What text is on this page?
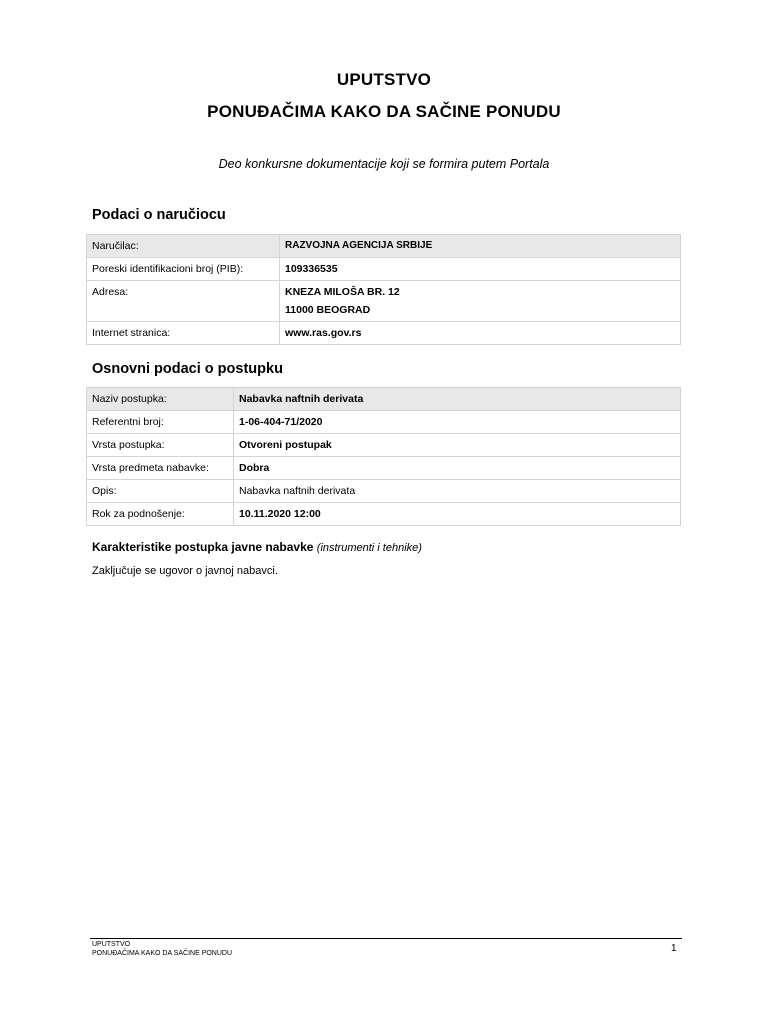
UPUTSTVO
PONUĐAČIMA KAKO DA SAČINE PONUDU
Deo konkursne dokumentacije koji se formira putem Portala
Podaci o naručiocu
Naručilac:	RAZVOJNA AGENCIJA SRBIJE
Poreski identifikacioni broj (PIB):	109336535
Adresa:	KNEZA MILOŠA BR. 12
11000 BEOGRAD

Internet stranica:	www.ras.gov.rs
Osnovni podaci o postupku
Naziv postupka:	Nabavka naftnih derivata
Referentni broj:	1-06-404-71/2020
Vrsta postupka:	Otvoreni postupak
Vrsta predmeta nabavke:	Dobra
Opis:	Nabavka naftnih derivata
Rok za podnošenje:	10.11.2020 12:00
Karakteristike postupka javne nabavke (instrumenti i tehnike)
Zaključuje se ugovor o javnoj nabavci.
UPUTSTVO
PONUĐAČIMA KAKO DA SAČINE PONUDU	1
